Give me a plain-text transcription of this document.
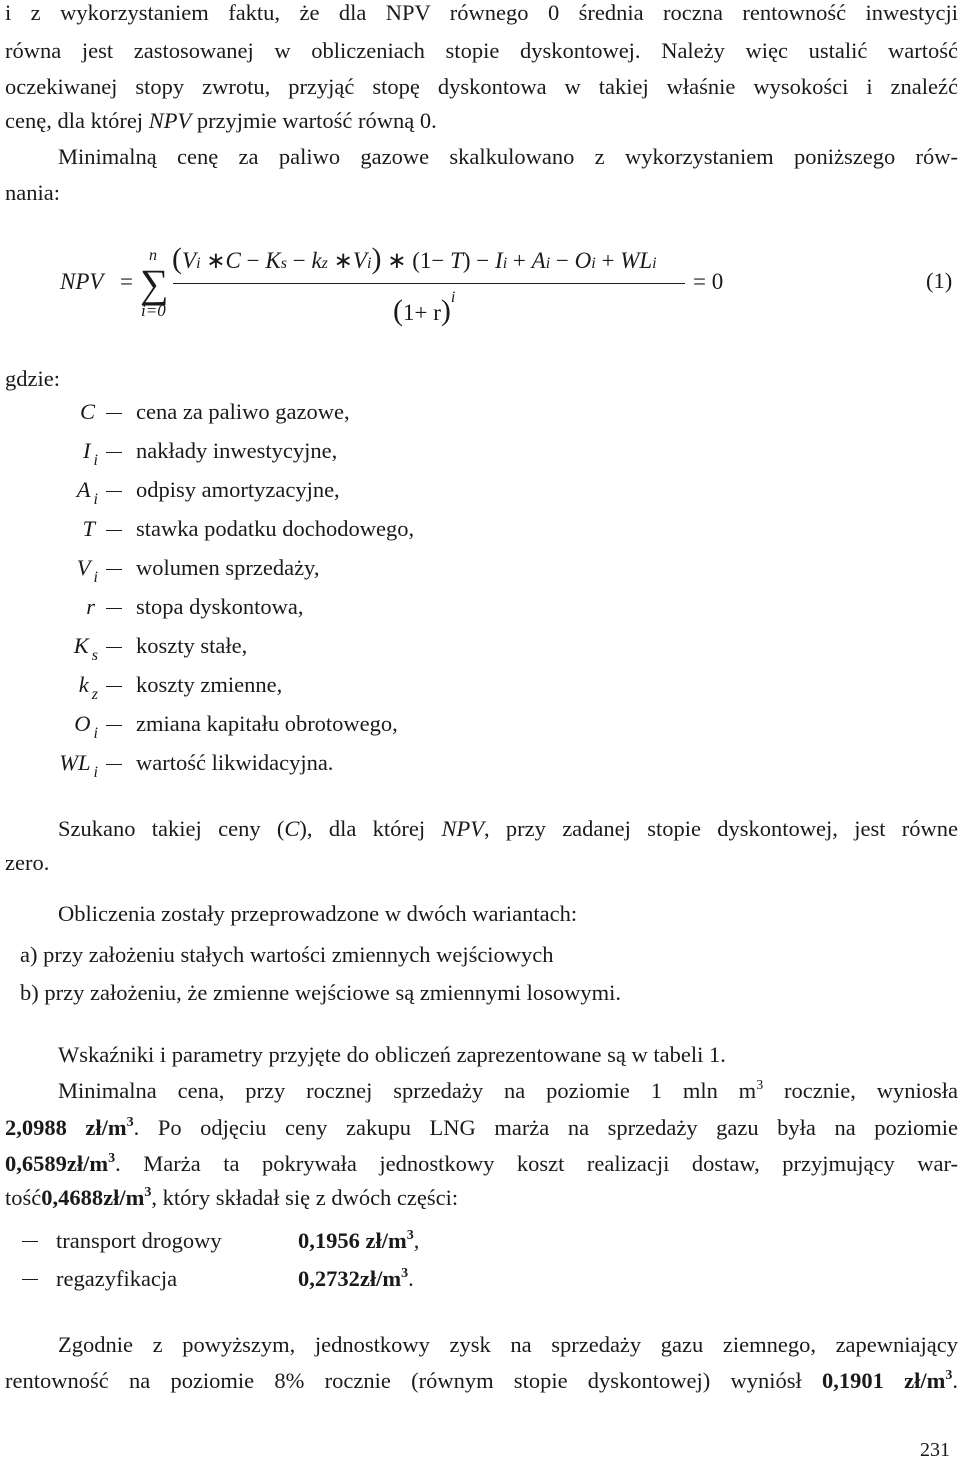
i z wykorzystaniem faktu, że dla NPV równego 0 średnia roczna rentowność inwestycji
równa jest zastosowanej w obliczeniach stopie dyskontowej. Należy więc ustalić wartość
oczekiwanej stopy zwrotu, przyjąć stopę dyskontowa w takiej właśnie wysokości i znaleźć
cenę, dla której NPV przyjmie wartość równą 0.
Minimalną cenę za paliwo gazowe skalkulowano z wykorzystaniem poniższego rów-
nania:
NPV =
n
∑
i=0
(Vi ∗C − Ks − kz ∗Vi) ∗ (1− T) − Ii + Ai − Oi + WLi
$(1+ r)^i$
= 0	(1)
gdzie:
C cena za paliwo gazowe,
I $_i$ nakłady inwestycyjne,
A $_i$ odpisy amortyzacyjne,
T stawka podatku dochodowego,
V $_i$ wolumen sprzedaży,
r stopa dyskontowa,
K $_s$ koszty stałe,
k $_z$ koszty zmienne,
O $_i$ zmiana kapitału obrotowego,
WL $_i$ wartość likwidacyjna.
Szukano takiej ceny (C), dla której NPV, przy zadanej stopie dyskontowej, jest równe
zero.
Obliczenia zostały przeprowadzone w dwóch wariantach:
a) przy założeniu stałych wartości zmiennych wejściowych
b) przy założeniu, że zmienne wejściowe są zmiennymi losowymi.
Wskaźniki i parametry przyjęte do obliczeń zaprezentowane są w tabeli 1.
Minimalna cena, przy rocznej sprzedaży na poziomie 1 mln $m^3$ rocznie, wyniosła
2,0988 $zł/m^3$. Po odjęciu ceny zakupu LNG marża na sprzedaży gazu była na poziomie
$0,6589zł/m^3$. Marża ta pokrywała jednostkowy koszt realizacji dostaw, przyjmujący war-
$tość0,4688zł/m^3$, który składał się z dwóch części:
transport drogowy	0,1956 $zł/m^3$,
regazyfikacja	$0,2732zł/m^3$.
Zgodnie z powyższym, jednostkowy zysk na sprzedaży gazu ziemnego, zapewniający
rentowność na poziomie 8% rocznie (równym stopie dyskontowej) wyniósł 0,1901 $zł/m^3$.
231
